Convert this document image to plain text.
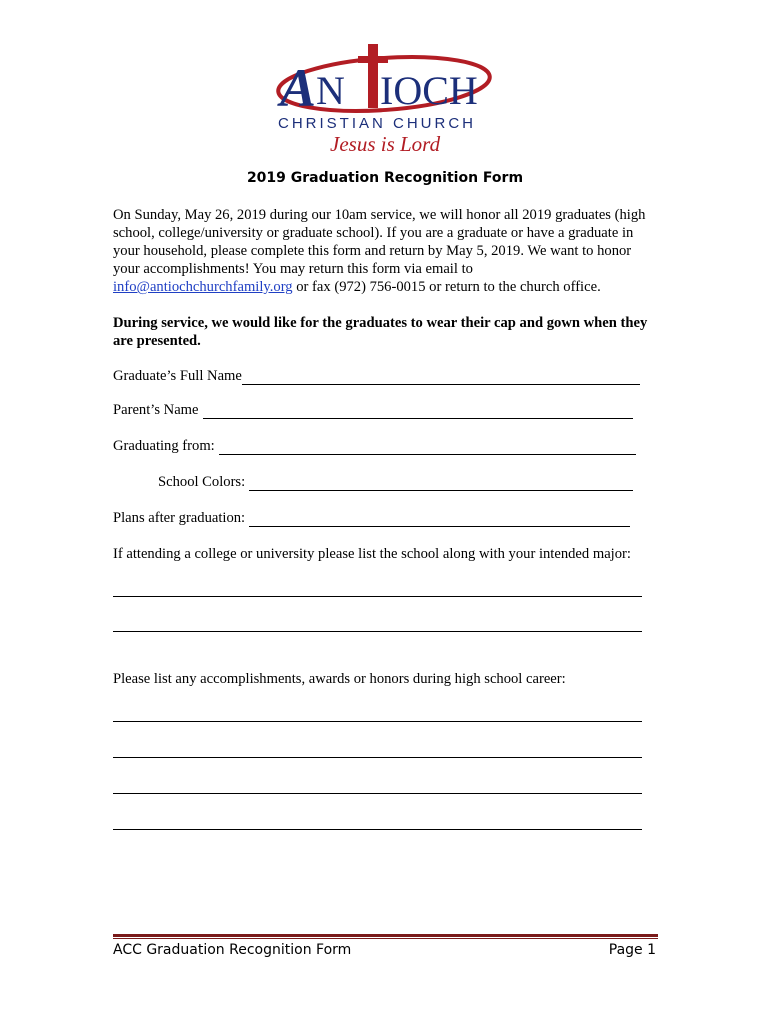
A N IOCH
CHRISTIAN CHURCH
Jesus is Lord
2019 Graduation Recognition Form
On Sunday, May 26, 2019 during our 10am service, we will honor all 2019 graduates (high school, college/university or graduate school). If you are a graduate or have a graduate in your household, please complete this form and return by May 5, 2019. We want to honor your accomplishments! You may return this form via email to info@antiochchurchfamily.org or fax (972) 756-0015 or return to the church office.
During service, we would like for the graduates to wear their cap and gown when they are presented.
Graduate’s Full Name
Parent’s Name
Graduating from:
School Colors:
Plans after graduation:
If attending a college or university please list the school along with your intended major:
Please list any accomplishments, awards or honors during high school career:
ACC Graduation Recognition Form	Page 1
